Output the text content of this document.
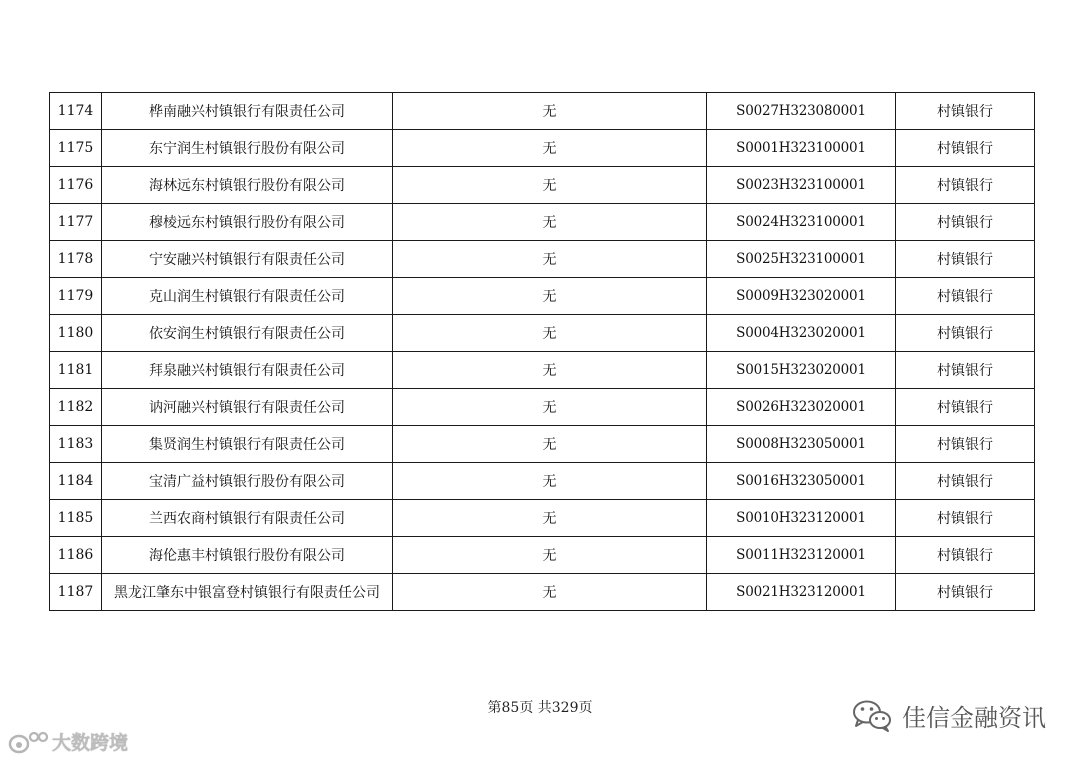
1174	桦南融兴村镇银行有限责任公司	无	S0027H323080001	村镇银行
1175	东宁润生村镇银行股份有限公司	无	S0001H323100001	村镇银行
1176	海林远东村镇银行股份有限公司	无	S0023H323100001	村镇银行
1177	穆棱远东村镇银行股份有限公司	无	S0024H323100001	村镇银行
1178	宁安融兴村镇银行有限责任公司	无	S0025H323100001	村镇银行
1179	克山润生村镇银行有限责任公司	无	S0009H323020001	村镇银行
1180	依安润生村镇银行有限责任公司	无	S0004H323020001	村镇银行
1181	拜泉融兴村镇银行有限责任公司	无	S0015H323020001	村镇银行
1182	讷河融兴村镇银行有限责任公司	无	S0026H323020001	村镇银行
1183	集贤润生村镇银行有限责任公司	无	S0008H323050001	村镇银行
1184	宝清广益村镇银行股份有限公司	无	S0016H323050001	村镇银行
1185	兰西农商村镇银行有限责任公司	无	S0010H323120001	村镇银行
1186	海伦惠丰村镇银行股份有限公司	无	S0011H323120001	村镇银行
1187	黑龙江肇东中银富登村镇银行有限责任公司	无	S0021H323120001	村镇银行
第85页 共329页
大数跨境
佳信金融资讯
